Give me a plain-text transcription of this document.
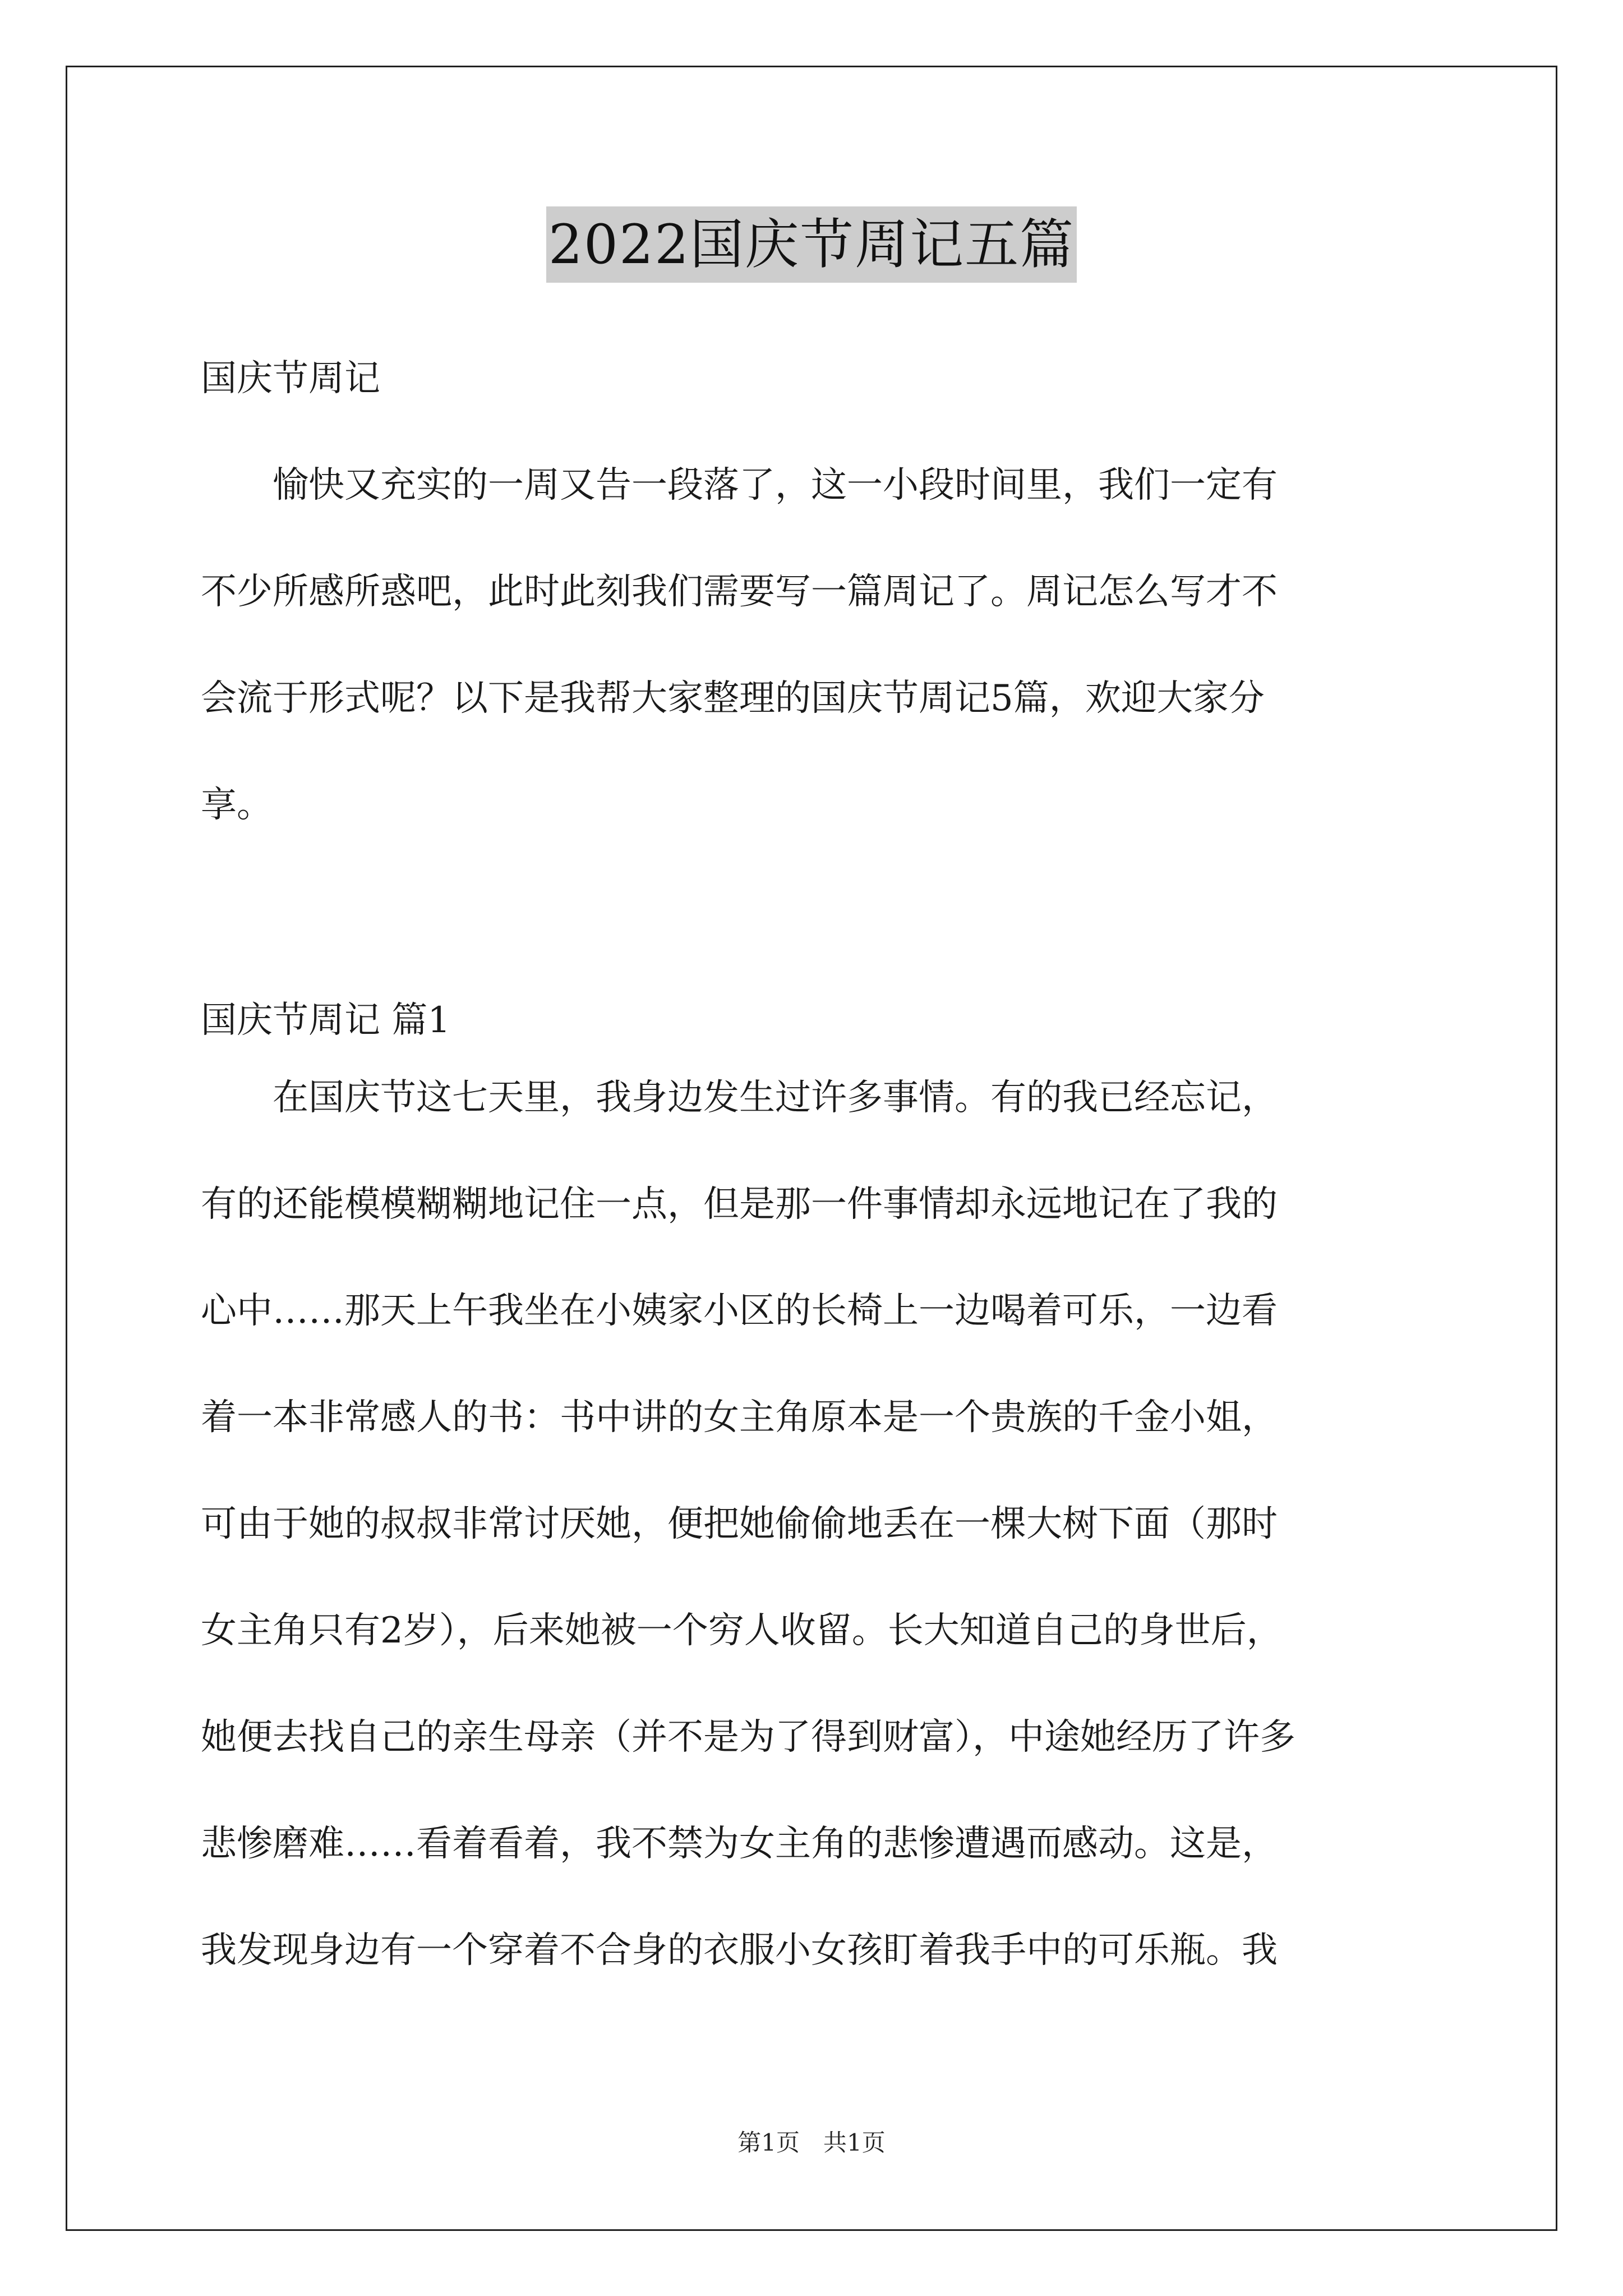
2022国庆节周记五篇
国庆节周记

　　愉快又充实的一周又告一段落了，这一小段时间里，我们一定有

不少所感所惑吧，此时此刻我们需要写一篇周记了。周记怎么写才不

会流于形式呢？以下是我帮大家整理的国庆节周记5篇，欢迎大家分

享。

国庆节周记 篇1

　　在国庆节这七天里，我身边发生过许多事情。有的我已经忘记，

有的还能模模糊糊地记住一点，但是那一件事情却永远地记在了我的

心中……那天上午我坐在小姨家小区的长椅上一边喝着可乐，一边看

着一本非常感人的书：书中讲的女主角原本是一个贵族的千金小姐，

可由于她的叔叔非常讨厌她，便把她偷偷地丢在一棵大树下面（那时

女主角只有2岁），后来她被一个穷人收留。长大知道自己的身世后，

她便去找自己的亲生母亲（并不是为了得到财富），中途她经历了许多

悲惨磨难……看着看着，我不禁为女主角的悲惨遭遇而感动。这是，

我发现身边有一个穿着不合身的衣服小女孩盯着我手中的可乐瓶。我

第1页　共1页
